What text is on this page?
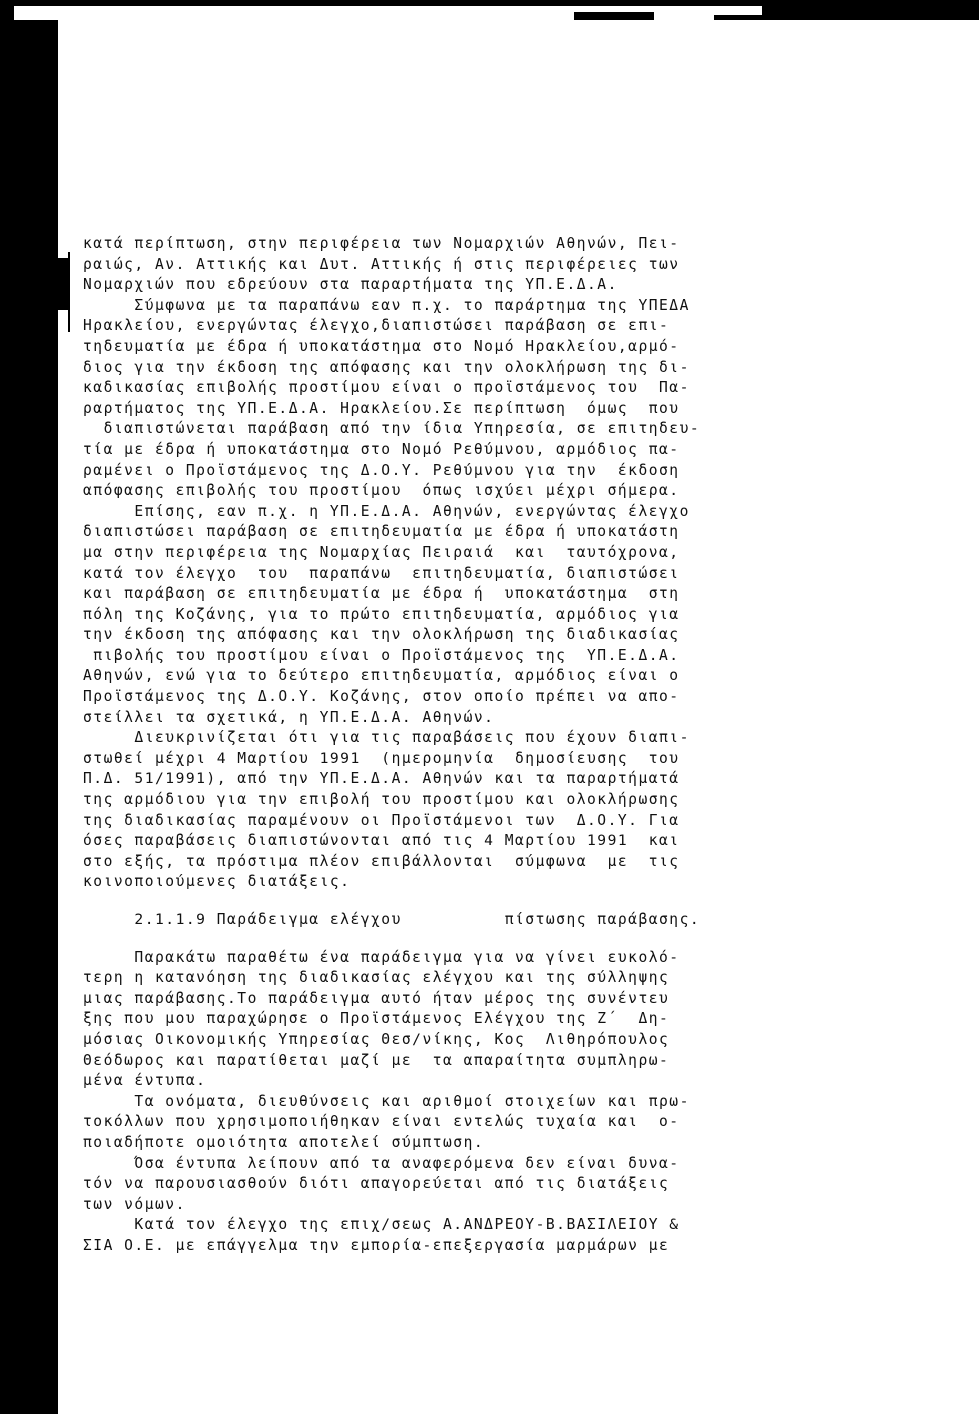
κατά περίπτωση, στην περιφέρεια των Νομαρχιών Αθηνών, Πει-
ραιώς, Αν. Αττικής και Δυτ. Αττικής ή στις περιφέρειες των
Νομαρχιών που εδρεύουν στα παραρτήματα της ΥΠ.Ε.Δ.Α.
Σύμφωνα με τα παραπάνω εαν π.χ. το παράρτημα της ΥΠΕΔΑ
Ηρακλείου, ενεργώντας έλεγχο,διαπιστώσει παράβαση σε επι-
τηδευματία με έδρα ή υποκατάστημα στο Νομό Ηρακλείου,αρμό-
διος για την έκδοση της απόφασης και την ολοκλήρωση της δι-
καδικασίας επιβολής προστίμου είναι ο προϊστάμενος του  Πα-
ραρτήματος της ΥΠ.Ε.Δ.Α. Ηρακλείου.Σε περίπτωση  όμως  που
διαπιστώνεται παράβαση από την ίδια Υπηρεσία, σε επιτηδευ-
τία με έδρα ή υποκατάστημα στο Νομό Ρεθύμνου, αρμόδιος πα-
ραμένει ο Προϊστάμενος της Δ.Ο.Υ. Ρεθύμνου για την  έκδοση
απόφασης επιβολής του προστίμου  όπως ισχύει μέχρι σήμερα.
Επίσης, εαν π.χ. η ΥΠ.Ε.Δ.Α. Αθηνών, ενεργώντας έλεγχο
διαπιστώσει παράβαση σε επιτηδευματία με έδρα ή υποκατάστη
μα στην περιφέρεια της Νομαρχίας Πειραιά  και  ταυτόχρονα,
κατά τον έλεγχο  του  παραπάνω  επιτηδευματία, διαπιστώσει
και παράβαση σε επιτηδευματία με έδρα ή  υποκατάστημα  στη
πόλη της Κοζάνης, για το πρώτο επιτηδευματία, αρμόδιος για
την έκδοση της απόφασης και την ολοκλήρωση της διαδικασίας
πιβολής του προστίμου είναι ο Προϊστάμενος της  ΥΠ.Ε.Δ.Α.
Αθηνών, ενώ για το δεύτερο επιτηδευματία, αρμόδιος είναι ο
Προϊστάμενος της Δ.Ο.Υ. Κοζάνης, στον οποίο πρέπει να απο-
στείλλει τα σχετικά, η ΥΠ.Ε.Δ.Α. Αθηνών.
Διευκρινίζεται ότι για τις παραβάσεις που έχουν διαπι-
στωθεί μέχρι 4 Μαρτίου 1991  (ημερομηνία  δημοσίευσης  του
Π.Δ. 51/1991), από την ΥΠ.Ε.Δ.Α. Αθηνών και τα παραρτήματά
της αρμόδιου για την επιβολή του προστίμου και ολοκλήρωσης
της διαδικασίας παραμένουν οι Προϊστάμενοι των  Δ.Ο.Υ. Για
όσες παραβάσεις διαπιστώνονται από τις 4 Μαρτίου 1991  και
στο εξής, τα πρόστιμα πλέον επιβάλλονται  σύμφωνα  με  τις
κοινοποιούμενες διατάξεις.
2.1.1.9 Παράδειγμα ελέγχου          πίστωσης παράβασης.
Παρακάτω παραθέτω ένα παράδειγμα για να γίνει ευκολό-
τερη η κατανόηση της διαδικασίας ελέγχου και της σύλληψης
μιας παράβασης.Το παράδειγμα αυτό ήταν μέρος της συνέντευ
ξης που μου παραχώρησε ο Προϊστάμενος Ελέγχου της Ζ΄  Δη-
μόσιας Οικονομικής Υπηρεσίας Θεσ/νίκης, Κος  Λιθηρόπουλος
Θεόδωρος και παρατίθεται μαζί με  τα απαραίτητα συμπληρω-
μένα έντυπα.
Τα ονόματα, διευθύνσεις και αριθμοί στοιχείων και πρω-
τοκόλλων που χρησιμοποιήθηκαν είναι εντελώς τυχαία και  ο-
ποιαδήποτε ομοιότητα αποτελεί σύμπτωση.
Όσα έντυπα λείπουν από τα αναφερόμενα δεν είναι δυνα-
τόν να παρουσιασθούν διότι απαγορεύεται από τις διατάξεις
των νόμων.
Κατά τον έλεγχο της επιχ/σεως Α.ΑΝΔΡΕΟΥ-Β.ΒΑΣΙΛΕΙΟΥ &
ΣΙΑ Ο.Ε. με επάγγελμα την εμπορία-επεξεργασία μαρμάρων με
